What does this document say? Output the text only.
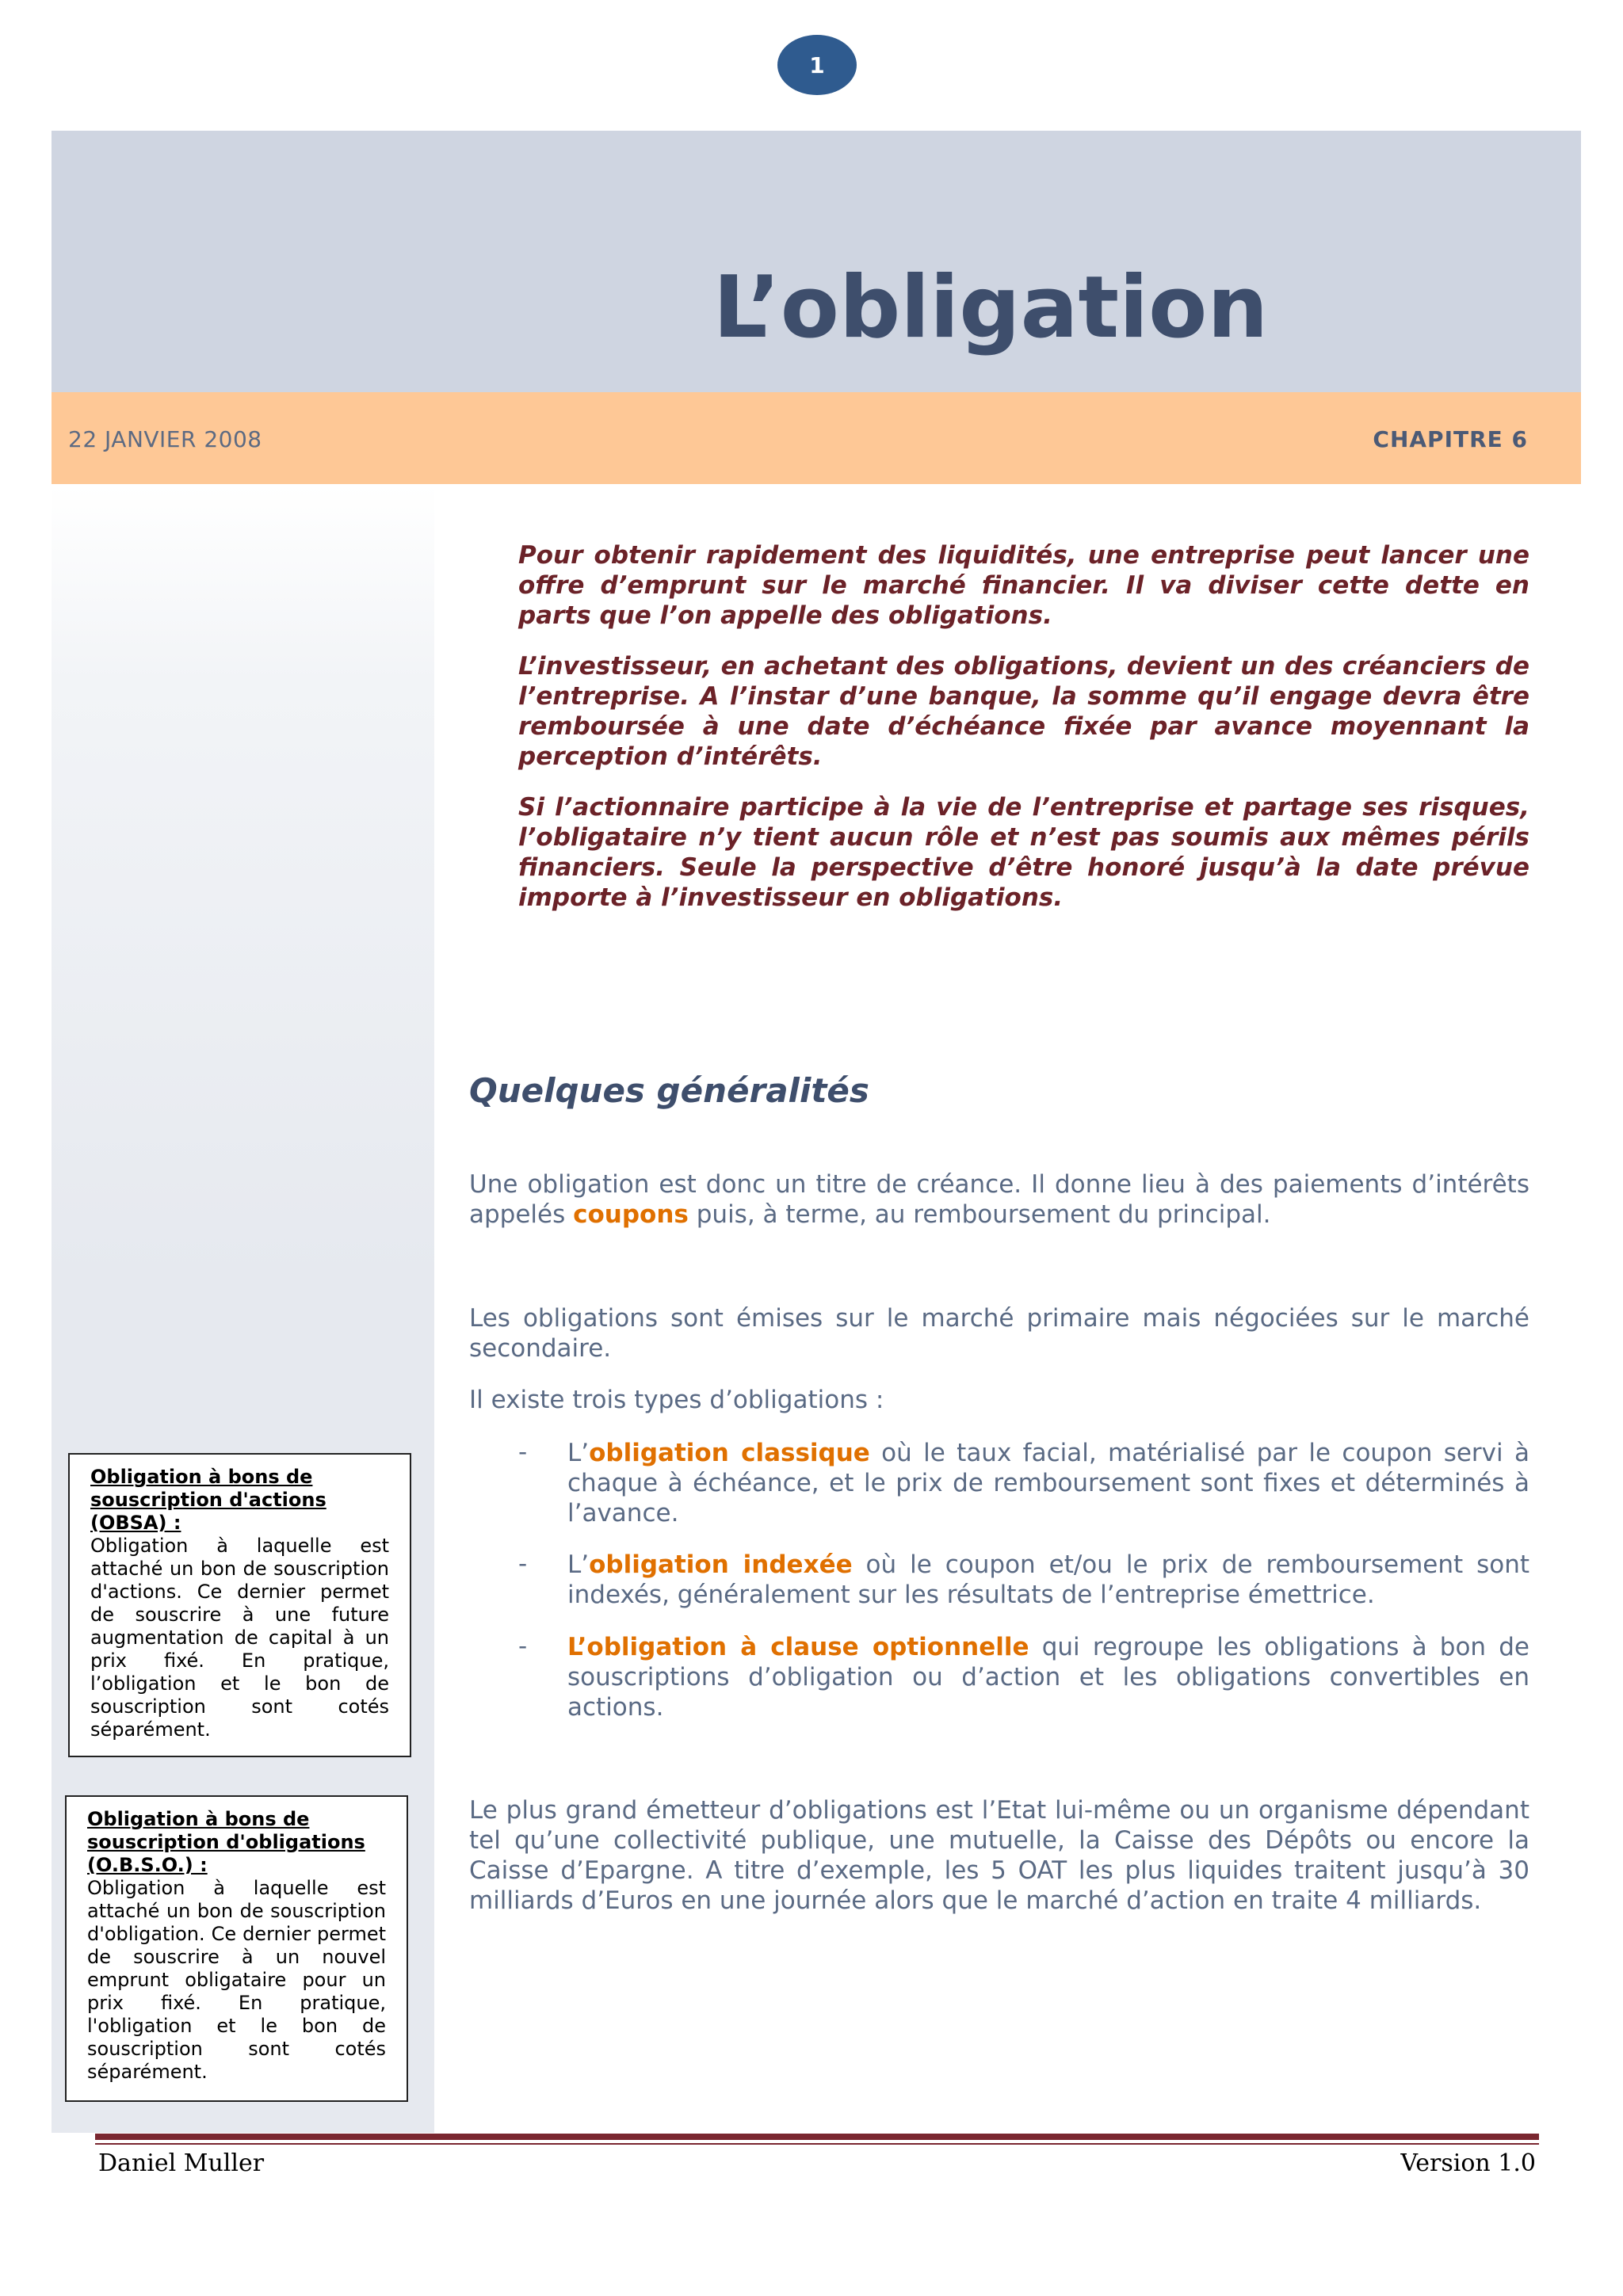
1
L’obligation
22 JANVIER 2008	CHAPITRE 6

Pour obtenir rapidement des liquidités, une entreprise peut lancer une offre d’emprunt sur le marché financier. Il va diviser cette dette en parts que l’on appelle des obligations.

L’investisseur, en achetant des obligations, devient un des créanciers de l’entreprise. A l’instar d’une banque, la somme qu’il engage devra être remboursée à une date d’échéance fixée par avance moyennant la perception d’intérêts.

Si l’actionnaire participe à la vie de l’entreprise et partage ses risques, l’obligataire n’y tient aucun rôle et n’est pas soumis aux mêmes périls financiers. Seule la perspective d’être honoré jusqu’à la date prévue importe à l’investisseur en obligations.

Quelques généralités

Une obligation est donc un titre de créance. Il donne lieu à des paiements d’intérêts appelés coupons puis, à terme, au remboursement du principal.

Les obligations sont émises sur le marché primaire mais négociées sur le marché secondaire.

Il existe trois types d’obligations :

- L’obligation classique où le taux facial, matérialisé par le coupon servi à chaque à échéance, et le prix de remboursement sont fixes et déterminés à l’avance.

- L’obligation indexée où le coupon et/ou le prix de remboursement sont indexés, généralement sur les résultats de l’entreprise émettrice.

- L’obligation à clause optionnelle qui regroupe les obligations à bon de souscriptions d’obligation ou d’action et les obligations convertibles en actions.

Le plus grand émetteur d’obligations est l’Etat lui-même ou un organisme dépendant tel qu’une collectivité publique, une mutuelle, la Caisse des Dépôts ou encore la Caisse d’Epargne. A titre d’exemple, les 5 OAT les plus liquides traitent jusqu’à 30 milliards d’Euros en une journée alors que le marché d’action en traite 4 milliards.

Obligation à bons de souscription d'actions (OBSA) :

Obligation à laquelle est attaché un bon de souscription d'actions. Ce dernier permet de souscrire à une future augmentation de capital à un prix fixé. En pratique, l’obligation et le bon de souscription sont cotés séparément.

Obligation à bons de souscription d'obligations (O.B.S.O.) :

Obligation à laquelle est attaché un bon de souscription d'obligation. Ce dernier permet de souscrire à un nouvel emprunt obligataire pour un prix fixé. En pratique, l'obligation et le bon de souscription sont cotés séparément.

Daniel Muller	Version 1.0
